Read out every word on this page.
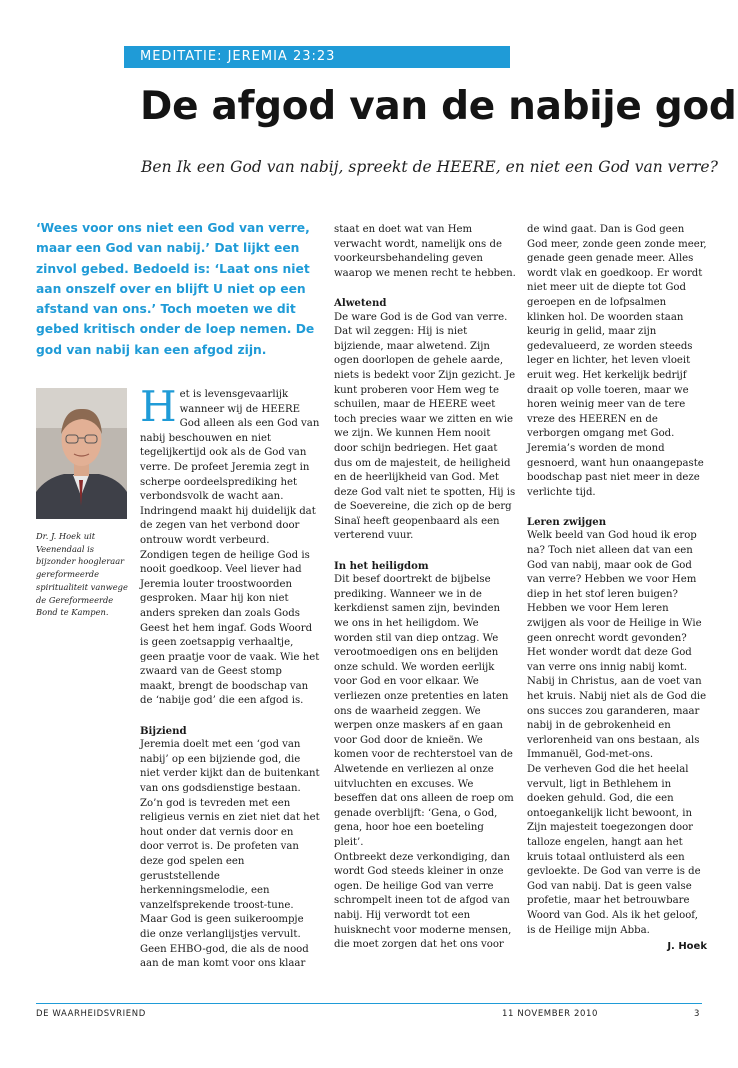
MEDITATIE: JEREMIA 23:23
De afgod van de nabije god

Ben Ik een God van nabij, spreekt de HEERE, en niet een God van verre?

‘Wees voor ons niet een God van verre, maar een God van nabij.’ Dat lijkt een zinvol gebed. Bedoeld is: ‘Laat ons niet aan onszelf over en blijft U niet op een afstand van ons.’ Toch moeten we dit gebed kritisch onder de loep nemen. De god van nabij kan een afgod zijn.

Dr. J. Hoek uit Veenendaal is bijzonder hoogleraar gereformeerde spiritualiteit vanwege de Gereformeerde Bond te Kampen.

Het is levensgevaarlijk wanneer wij de HEERE God alleen als een God van nabij beschouwen en niet tegelijkertijd ook als de God van verre. De profeet Jeremia zegt in scherpe oordeelsprediking het verbondsvolk de wacht aan. Indringend maakt hij duidelijk dat de zegen van het verbond door ontrouw wordt verbeurd. Zondigen tegen de heilige God is nooit goedkoop. Veel liever had Jeremia louter troostwoorden gesproken. Maar hij kon niet anders spreken dan zoals Gods Geest het hem ingaf. Gods Woord is geen zoetsappig verhaaltje, geen praatje voor de vaak. Wie het zwaard van de Geest stomp maakt, brengt de boodschap van de ‘nabije god’ die een afgod is.

Bijziend

Jeremia doelt met een ‘god van nabij’ op een bijziende god, die niet verder kijkt dan de buitenkant van ons godsdienstige bestaan. Zo’n god is tevreden met een religieus vernis en ziet niet dat het hout onder dat vernis door en door verrot is. De profeten van deze god spelen een geruststellende herkenningsmelodie, een vanzelfsprekende troost-tune. Maar God is geen suikeroompje die onze verlanglijstjes vervult. Geen EHBO-god, die als de nood aan de man komt voor ons klaar

staat en doet wat van Hem verwacht wordt, namelijk ons de voorkeursbehandeling geven waarop we menen recht te hebben.

Alwetend

De ware God is de God van verre. Dat wil zeggen: Hij is niet bijziende, maar alwetend. Zijn ogen doorlopen de gehele aarde, niets is bedekt voor Zijn gezicht. Je kunt proberen voor Hem weg te schuilen, maar de HEERE weet toch precies waar we zitten en wie we zijn. We kunnen Hem nooit door schijn bedriegen. Het gaat dus om de majesteit, de heiligheid en de heerlijkheid van God. Met deze God valt niet te spotten, Hij is de Soevereine, die zich op de berg Sinaï heeft geopenbaard als een verterend vuur.

In het heiligdom

Dit besef doortrekt de bijbelse prediking. Wanneer we in de kerkdienst samen zijn, bevinden we ons in het heiligdom. We worden stil van diep ontzag. We verootmoedigen ons en belijden onze schuld. We worden eerlijk voor God en voor elkaar. We verliezen onze pretenties en laten ons de waarheid zeggen. We werpen onze maskers af en gaan voor God door de knieën. We komen voor de rechterstoel van de Alwetende en verliezen al onze uitvluchten en excuses. We beseffen dat ons alleen de roep om genade overblijft: ‘Gena, o God, gena, hoor hoe een boeteling pleit’.

Ontbreekt deze verkondiging, dan wordt God steeds kleiner in onze ogen. De heilige God van verre schrompelt ineen tot de afgod van nabij. Hij verwordt tot een huisknecht voor moderne mensen, die moet zorgen dat het ons voor

de wind gaat. Dan is God geen God meer, zonde geen zonde meer, genade geen genade meer. Alles wordt vlak en goedkoop. Er wordt niet meer uit de diepte tot God geroepen en de lofpsalmen klinken hol. De woorden staan keurig in gelid, maar zijn gedevalueerd, ze worden steeds leger en lichter, het leven vloeit eruit weg. Het kerkelijk bedrijf draait op volle toeren, maar we horen weinig meer van de tere vreze des HEEREN en de verborgen omgang met God. Jeremia’s worden de mond gesnoerd, want hun onaangepaste boodschap past niet meer in deze verlichte tijd.

Leren zwijgen

Welk beeld van God houd ik erop na? Toch niet alleen dat van een God van nabij, maar ook de God van verre? Hebben we voor Hem diep in het stof leren buigen? Hebben we voor Hem leren zwijgen als voor de Heilige in Wie geen onrecht wordt gevonden? Het wonder wordt dat deze God van verre ons innig nabij komt. Nabij in Christus, aan de voet van het kruis. Nabij niet als de God die ons succes zou garanderen, maar nabij in de gebrokenheid en verlorenheid van ons bestaan, als Immanuël, God-met-ons.

De verheven God die het heelal vervult, ligt in Bethlehem in doeken gehuld. God, die een ontoegankelijk licht bewoont, in Zijn majesteit toegezongen door talloze engelen, hangt aan het kruis totaal ontluisterd als een gevloekte. De God van verre is de God van nabij. Dat is geen valse profetie, maar het betrouwbare Woord van God. Als ik het geloof, is de Heilige mijn Abba.

J. Hoek

DE WAARHEIDSVRIEND	11 NOVEMBER 2010	3
